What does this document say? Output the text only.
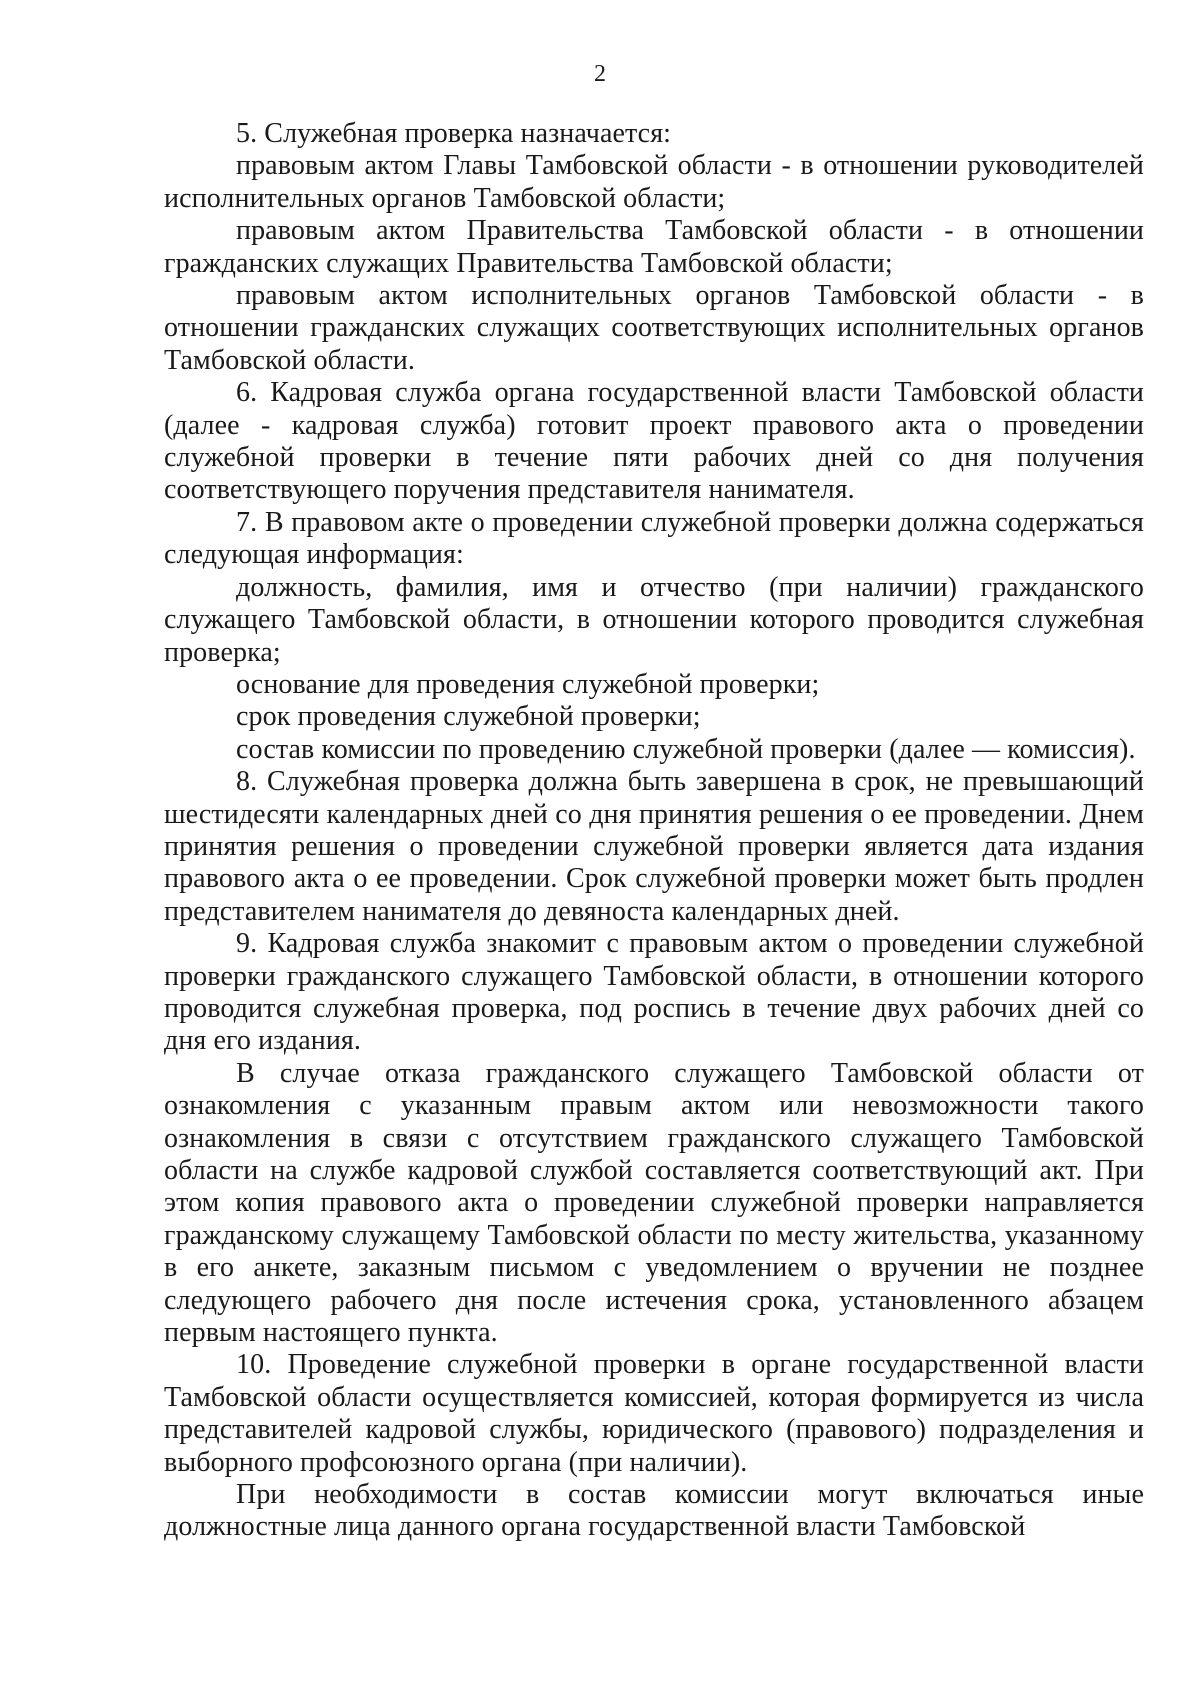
2

5. Служебная проверка назначается:

правовым актом Главы Тамбовской области - в отношении руководителей исполнительных органов Тамбовской области;

правовым актом Правительства Тамбовской области - в отношении гражданских служащих Правительства Тамбовской области;

правовым актом исполнительных органов Тамбовской области - в отношении гражданских служащих соответствующих исполнительных органов Тамбовской области.

6. Кадровая служба органа государственной власти Тамбовской области (далее - кадровая служба) готовит проект правового акта о проведении служебной проверки в течение пяти рабочих дней со дня получения соответствующего поручения представителя нанимателя.

7. В правовом акте о проведении служебной проверки должна содержаться следующая информация:

должность, фамилия, имя и отчество (при наличии) гражданского служащего Тамбовской области, в отношении которого проводится служебная проверка;

основание для проведения служебной проверки;

срок проведения служебной проверки;

состав комиссии по проведению служебной проверки (далее — комиссия).

8. Служебная проверка должна быть завершена в срок, не превышающий шестидесяти календарных дней со дня принятия решения о ее проведении. Днем принятия решения о проведении служебной проверки является дата издания правового акта о ее проведении. Срок служебной проверки может быть продлен представителем нанимателя до девяноста календарных дней.

9. Кадровая служба знакомит с правовым актом о проведении служебной проверки гражданского служащего Тамбовской области, в отношении которого проводится служебная проверка, под роспись в течение двух рабочих дней со дня его издания.

В случае отказа гражданского служащего Тамбовской области от ознакомления с указанным правым актом или невозможности такого ознакомления в связи с отсутствием гражданского служащего Тамбовской области на службе кадровой службой составляется соответствующий акт. При этом копия правового акта о проведении служебной проверки направляется гражданскому служащему Тамбовской области по месту жительства, указанному в его анкете, заказным письмом с уведомлением о вручении не позднее следующего рабочего дня после истечения срока, установленного абзацем первым настоящего пункта.

10. Проведение служебной проверки в органе государственной власти Тамбовской области осуществляется комиссией, которая формируется из числа представителей кадровой службы, юридического (правового) подразделения и выборного профсоюзного органа (при наличии).

При необходимости в состав комиссии могут включаться иные должностные лица данного органа государственной власти Тамбовской
